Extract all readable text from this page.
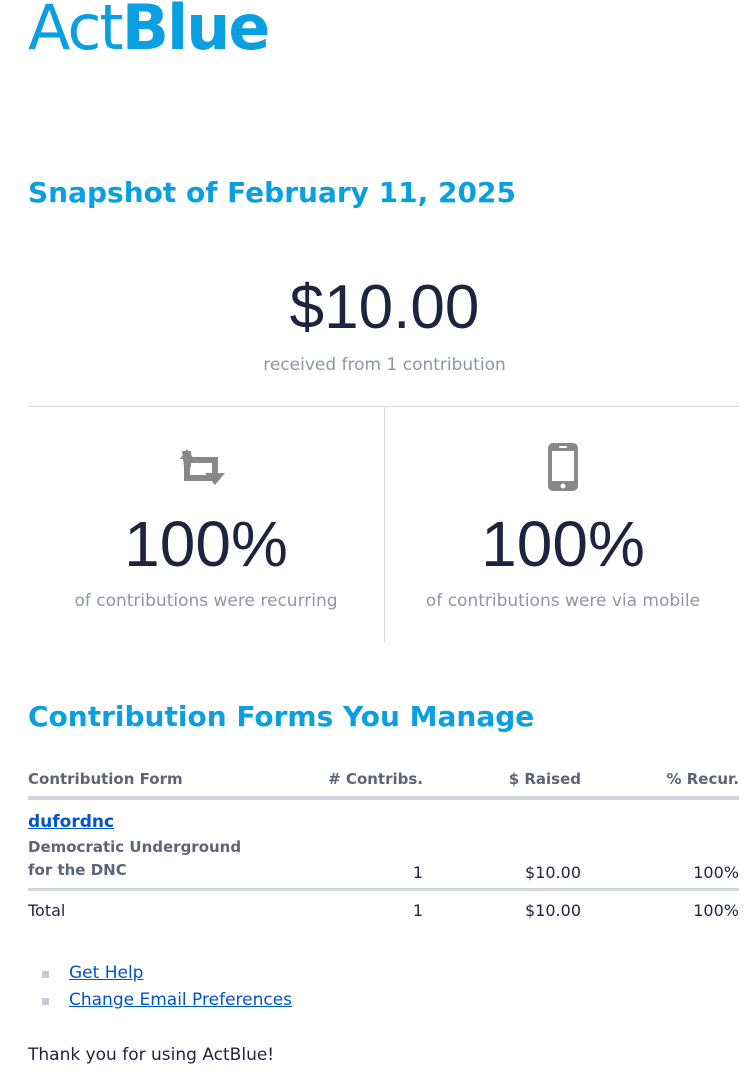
ActBlue
Snapshot of February 11, 2025
$10.00
received from 1 contribution
100%
of contributions were recurring
100%
of contributions were via mobile
Contribution Forms You Manage
Contribution Form	# Contribs.	$ Raised	% Recur.

dufordnc
Democratic Underground for the DNC	1	$10.00	100%
Total	1	$10.00	100%
Get Help
Change Email Preferences
Thank you for using ActBlue!
